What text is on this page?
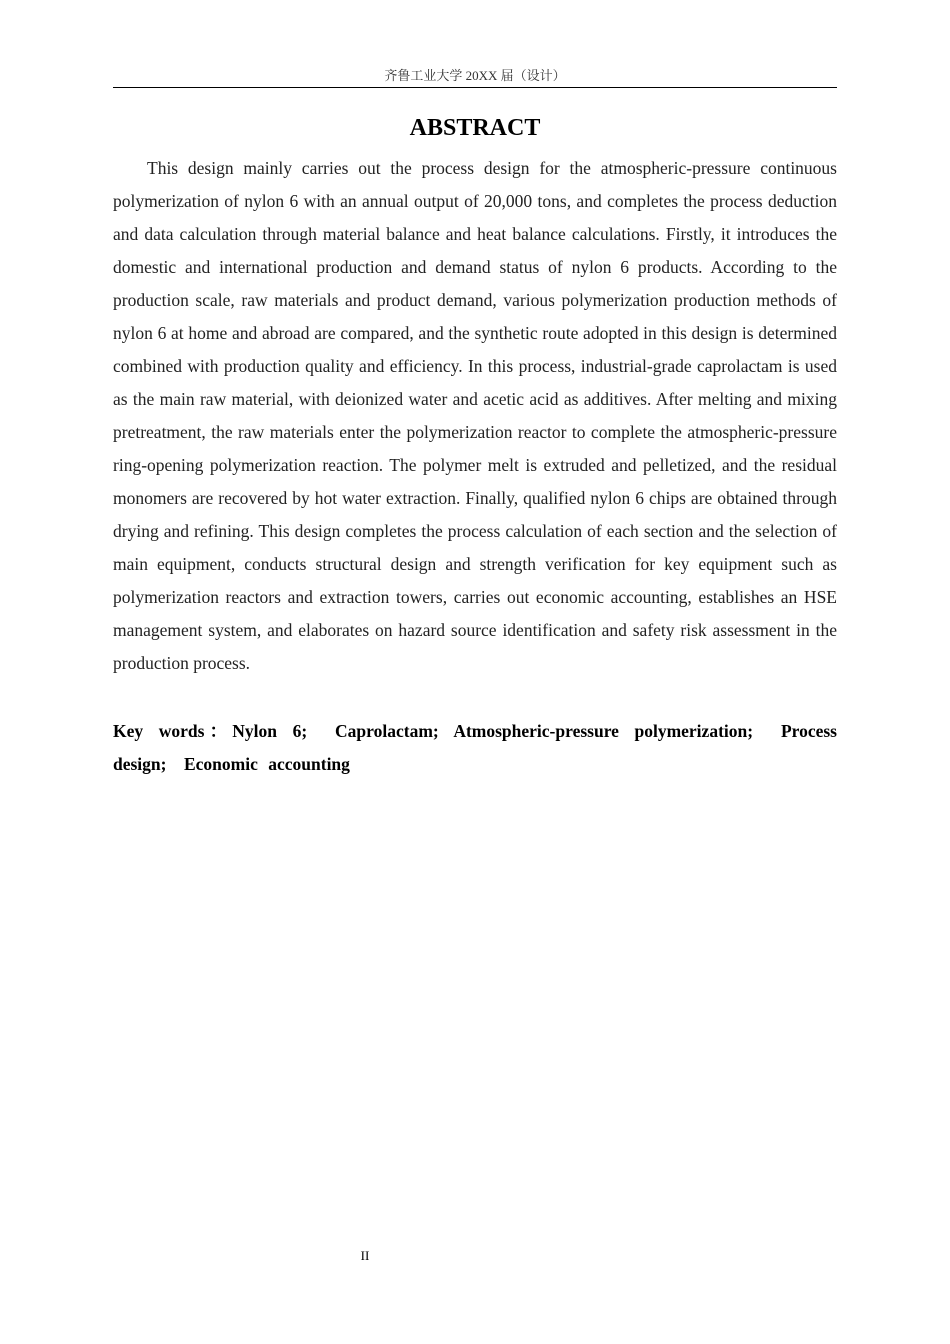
齐鲁工业大学 20XX 届（设计）
ABSTRACT

This design mainly carries out the process design for the atmospheric-pressure continuous polymerization of nylon 6 with an annual output of 20,000 tons, and completes the process deduction and data calculation through material balance and heat balance calculations. Firstly, it introduces the domestic and international production and demand status of nylon 6 products. According to the production scale, raw materials and product demand, various polymerization production methods of nylon 6 at home and abroad are compared, and the synthetic route adopted in this design is determined combined with production quality and efficiency. In this process, industrial-grade caprolactam is used as the main raw material, with deionized water and acetic acid as additives. After melting and mixing pretreatment, the raw materials enter the polymerization reactor to complete the atmospheric-pressure ring-opening polymerization reaction. The polymer melt is extruded and pelletized, and the residual monomers are recovered by hot water extraction. Finally, qualified nylon 6 chips are obtained through drying and refining. This design completes the process calculation of each section and the selection of main equipment, conducts structural design and strength verification for key equipment such as polymerization reactors and extraction towers, carries out economic accounting, establishes an HSE management system, and elaborates on hazard source identification and safety risk assessment in the production process.

Key words：Nylon 6;　Caprolactam; Atmospheric-pressure polymerization;　Process design;　Economic accounting

II
